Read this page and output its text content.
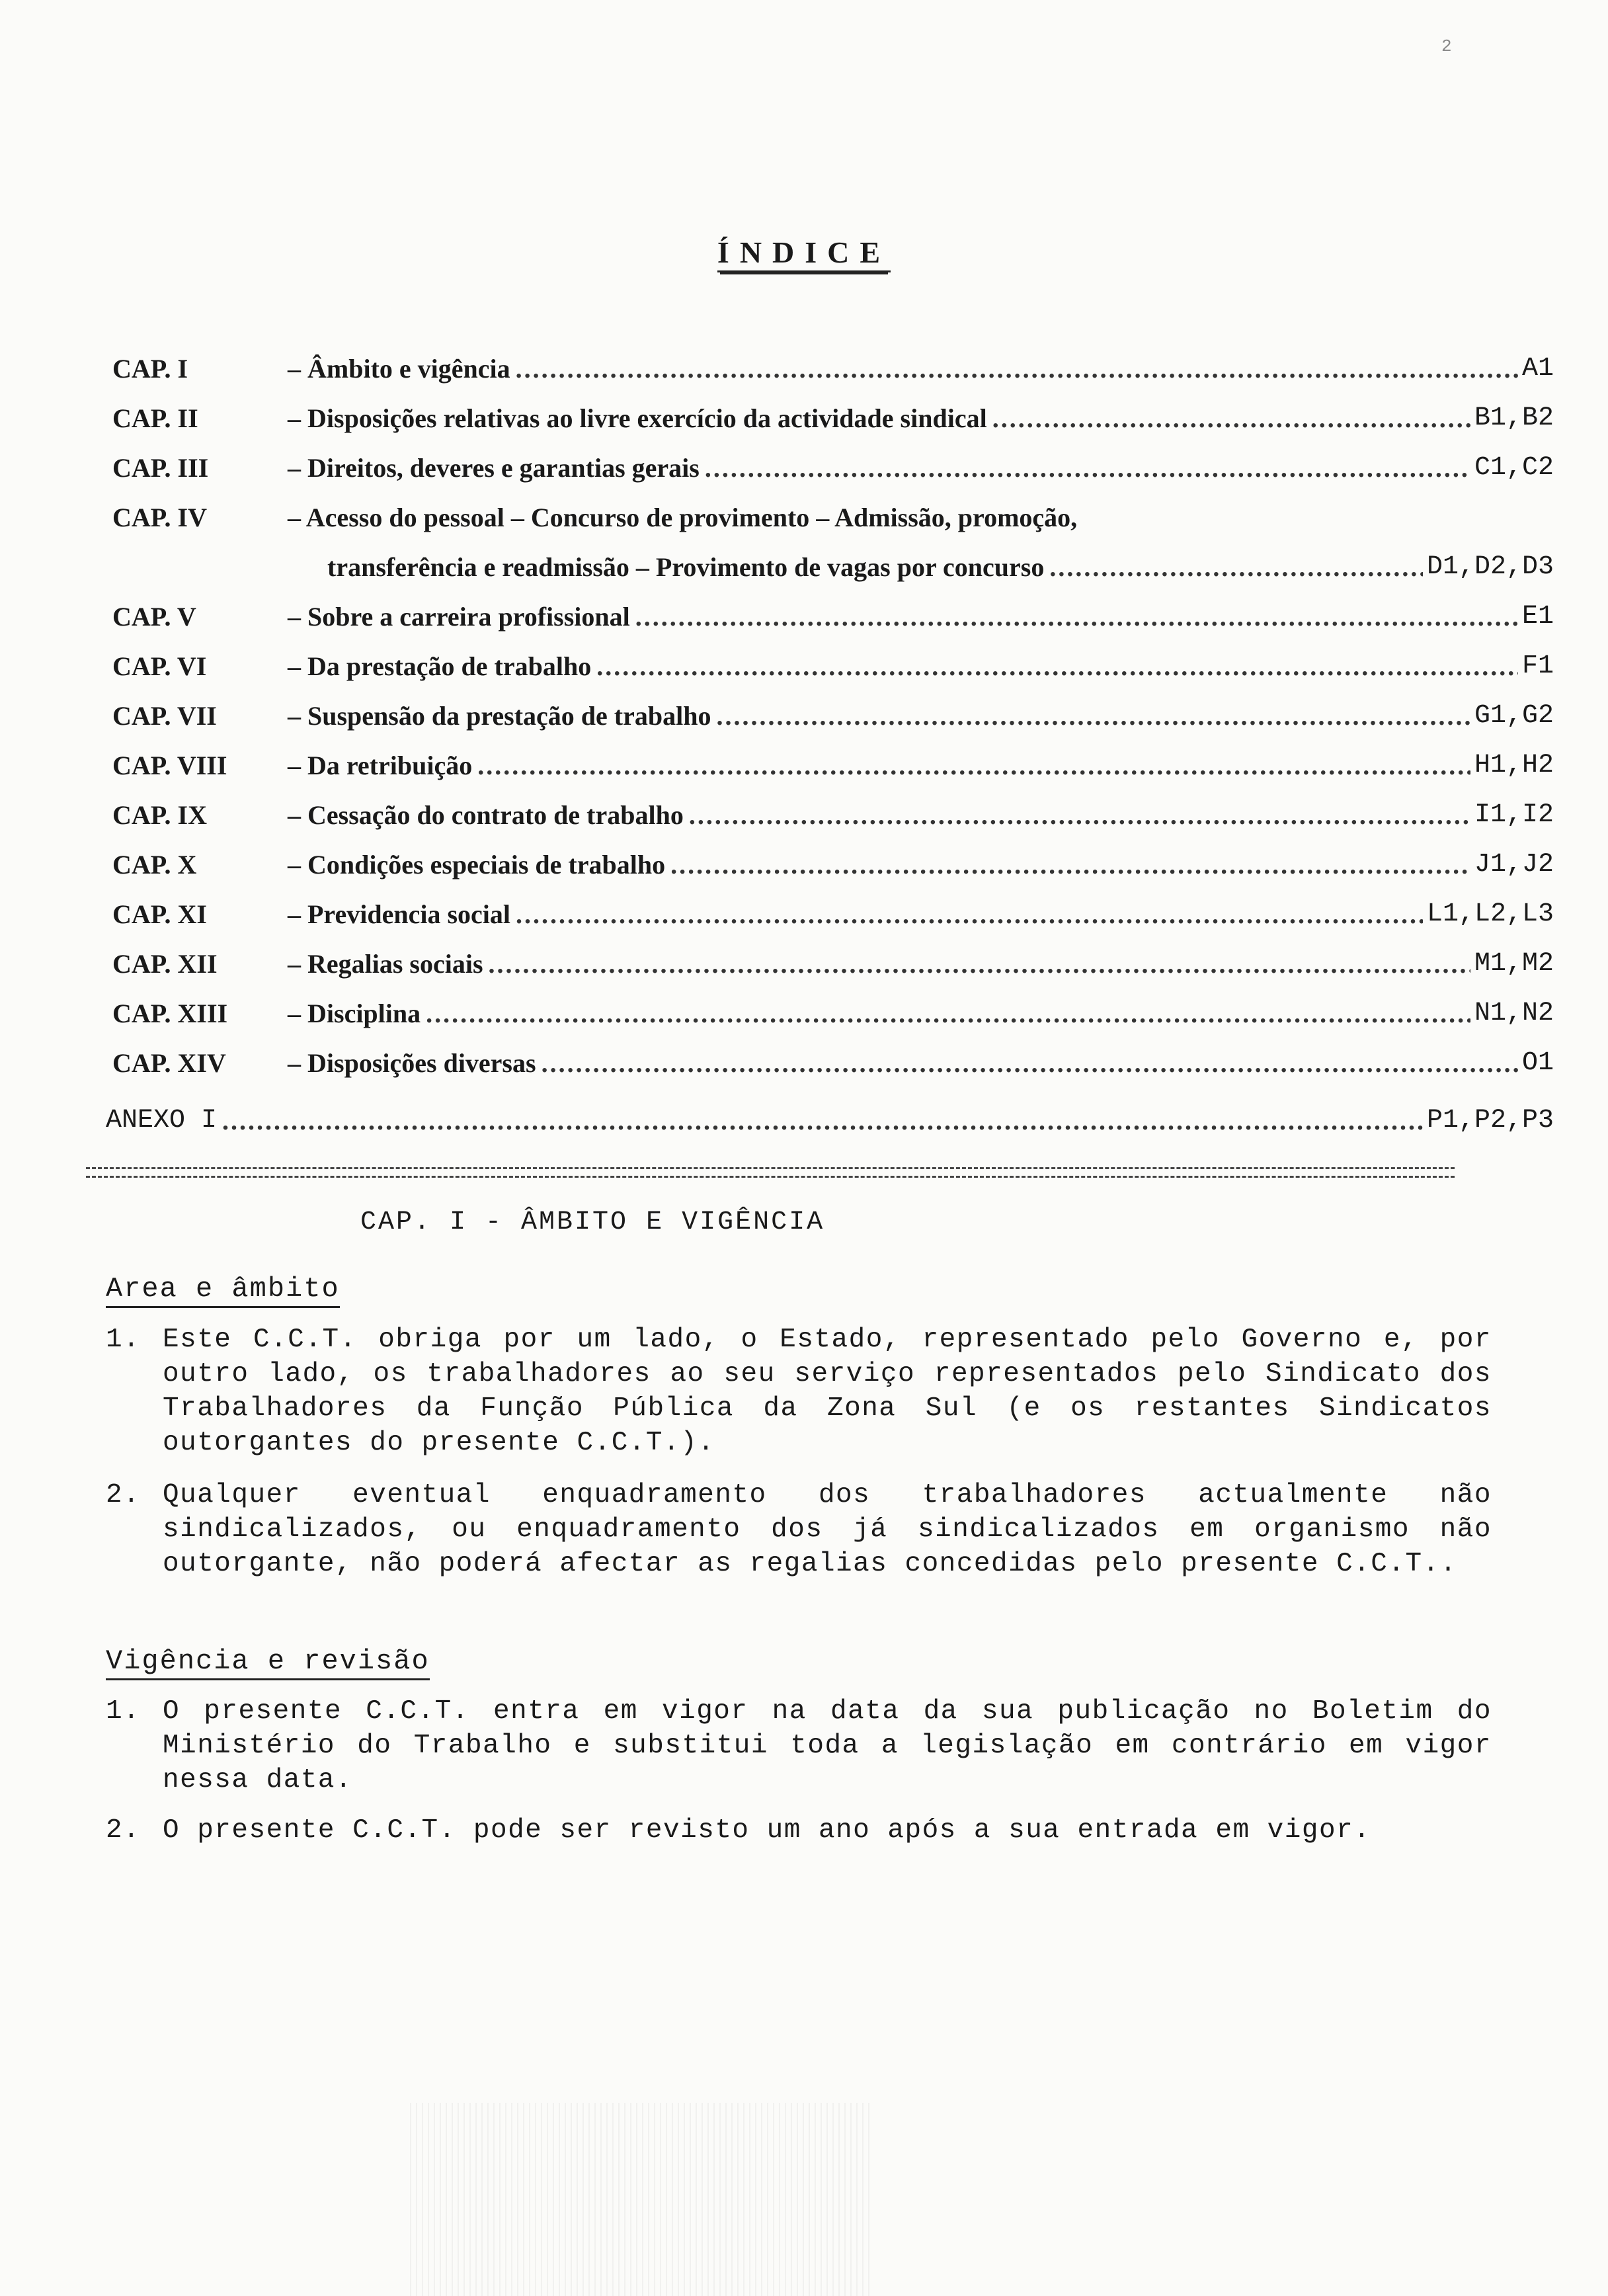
2
ÍNDICE
CAP. I	– Âmbito e vigência .....	A1
CAP. II	– Disposições relativas ao livre exercício da actividade sindical .....	B1,B2
CAP. III	– Direitos, deveres e garantias gerais .....	C1,C2
CAP. IV	– Acesso do pessoal – Concurso de provimento – Admissão, promoção,
transferência e readmissão – Provimento de vagas por concurso .....	D1,D2,D3
CAP. V	– Sobre a carreira profissional .....	E1
CAP. VI	– Da prestação de trabalho .....	F1
CAP. VII	– Suspensão da prestação de trabalho .....	G1,G2
CAP. VIII	– Da retribuição .....	H1,H2
CAP. IX	– Cessação do contrato de trabalho .....	I1,I2
CAP. X	– Condições especiais de trabalho .....	J1,J2
CAP. XI	– Previdencia social .....	L1,L2,L3
CAP. XII	– Regalias sociais .....	M1,M2
CAP. XIII	– Disciplina .....	N1,N2
CAP. XIV	– Disposições diversas .....	O1
ANEXO I .....	P1,P2,P3
CAP. I - ÂMBITO E VIGÊNCIA
Area e âmbito
1. Este C.C.T. obriga por um lado, o Estado, representado pelo Governo e, por outro lado, os trabalhadores ao seu serviço representados pelo Sindicato dos Trabalhadores da Função Pública da Zona Sul (e os restantes Sindicatos outorgantes do presente C.C.T.).
2. Qualquer eventual enquadramento dos trabalhadores actualmente não sindicalizados, ou enquadramento dos já sindicalizados em organismo não outorgante, não poderá afectar as regalias concedidas pelo presente C.C.T..
Vigência e revisão
1. O presente C.C.T. entra em vigor na data da sua publicação no Boletim do Ministério do Trabalho e substitui toda a legislação em contrário em vigor nessa data.
2. O presente C.C.T. pode ser revisto um ano após a sua entrada em vigor.
